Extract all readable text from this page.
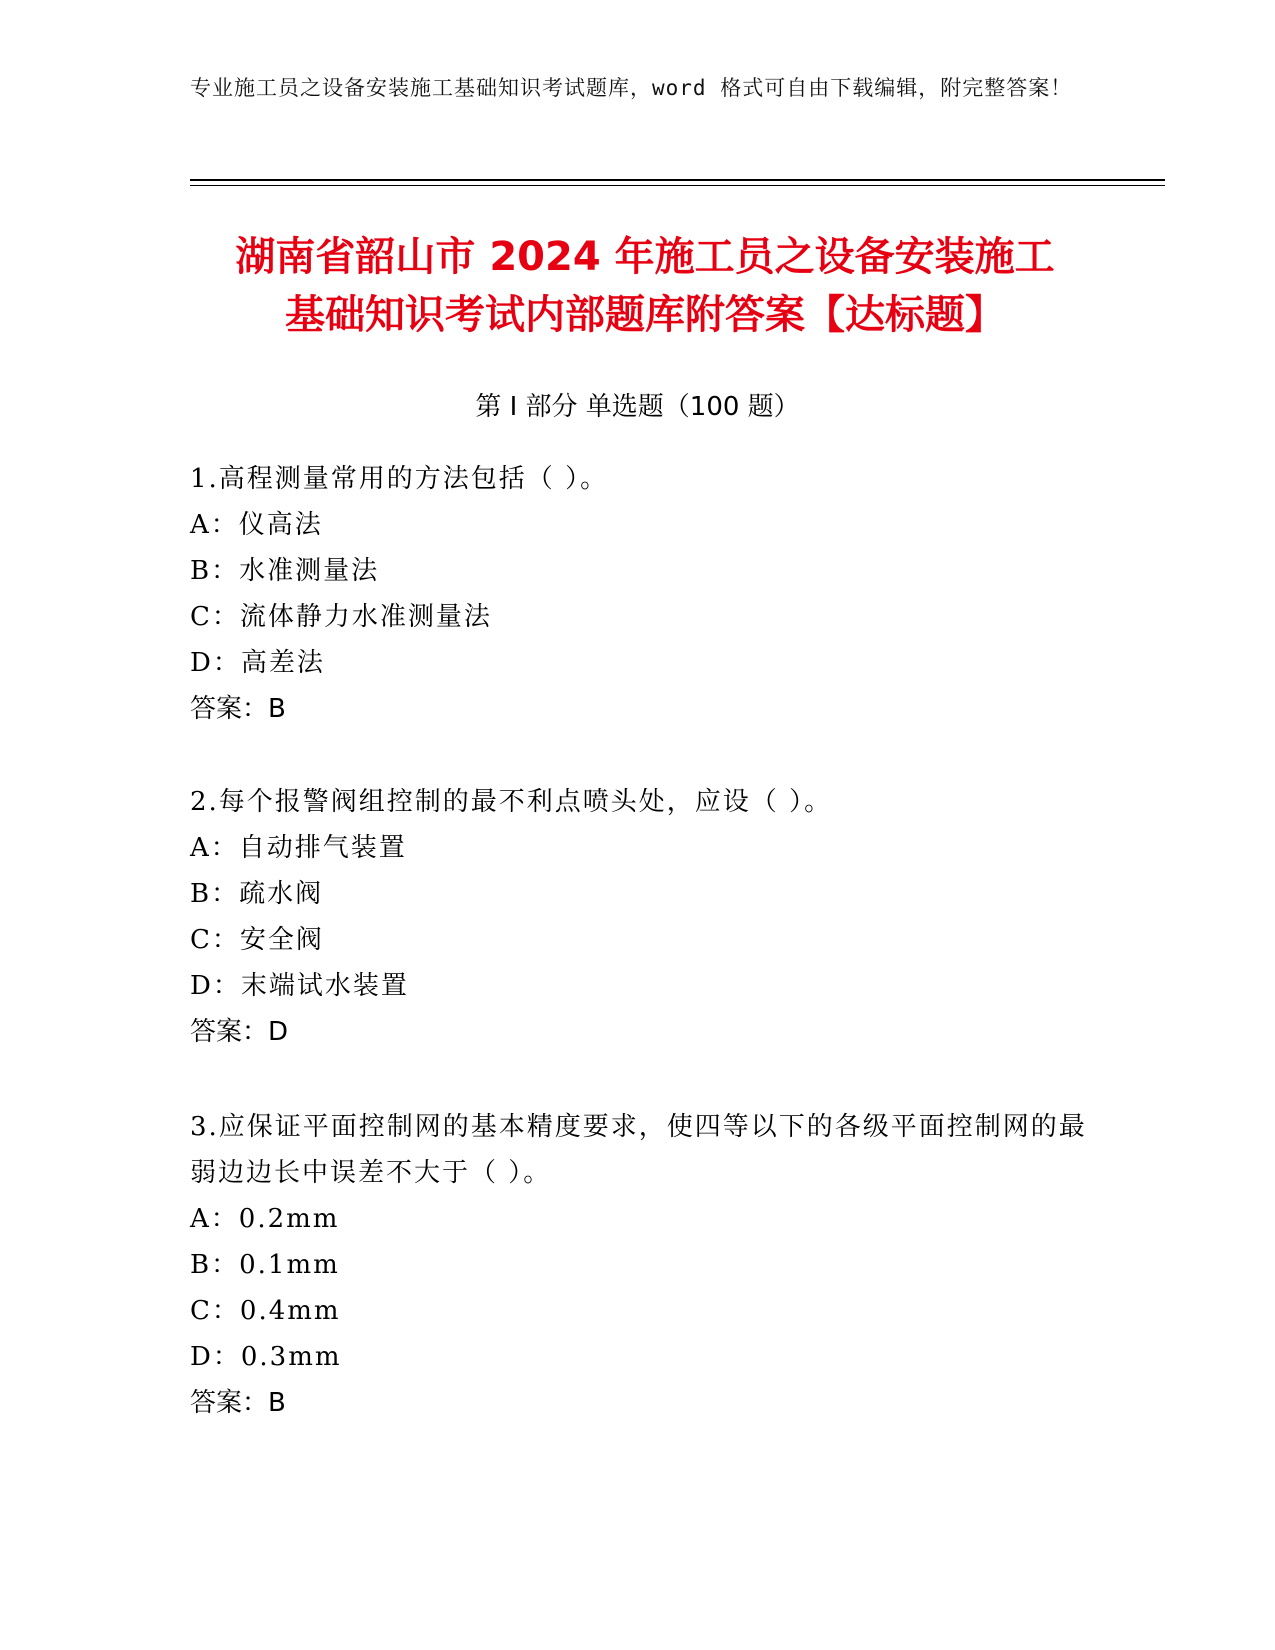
专业施工员之设备安装施工基础知识考试题库，word 格式可自由下载编辑，附完整答案！
湖南省韶山市 2024 年施工员之设备安装施工
基础知识考试内部题库附答案【达标题】
第 I 部分 单选题（100 题）
1.高程测量常用的方法包括（ ）。
A：仪高法
B：水准测量法
C：流体静力水准测量法
D：高差法
答案：B
2.每个报警阀组控制的最不利点喷头处，应设（ ）。
A：自动排气装置
B：疏水阀
C：安全阀
D：末端试水装置
答案：D
3.应保证平面控制网的基本精度要求，使四等以下的各级平面控制网的最弱边边长中误差不大于（ ）。
A：0.2mm
B：0.1mm
C：0.4mm
D：0.3mm
答案：B
